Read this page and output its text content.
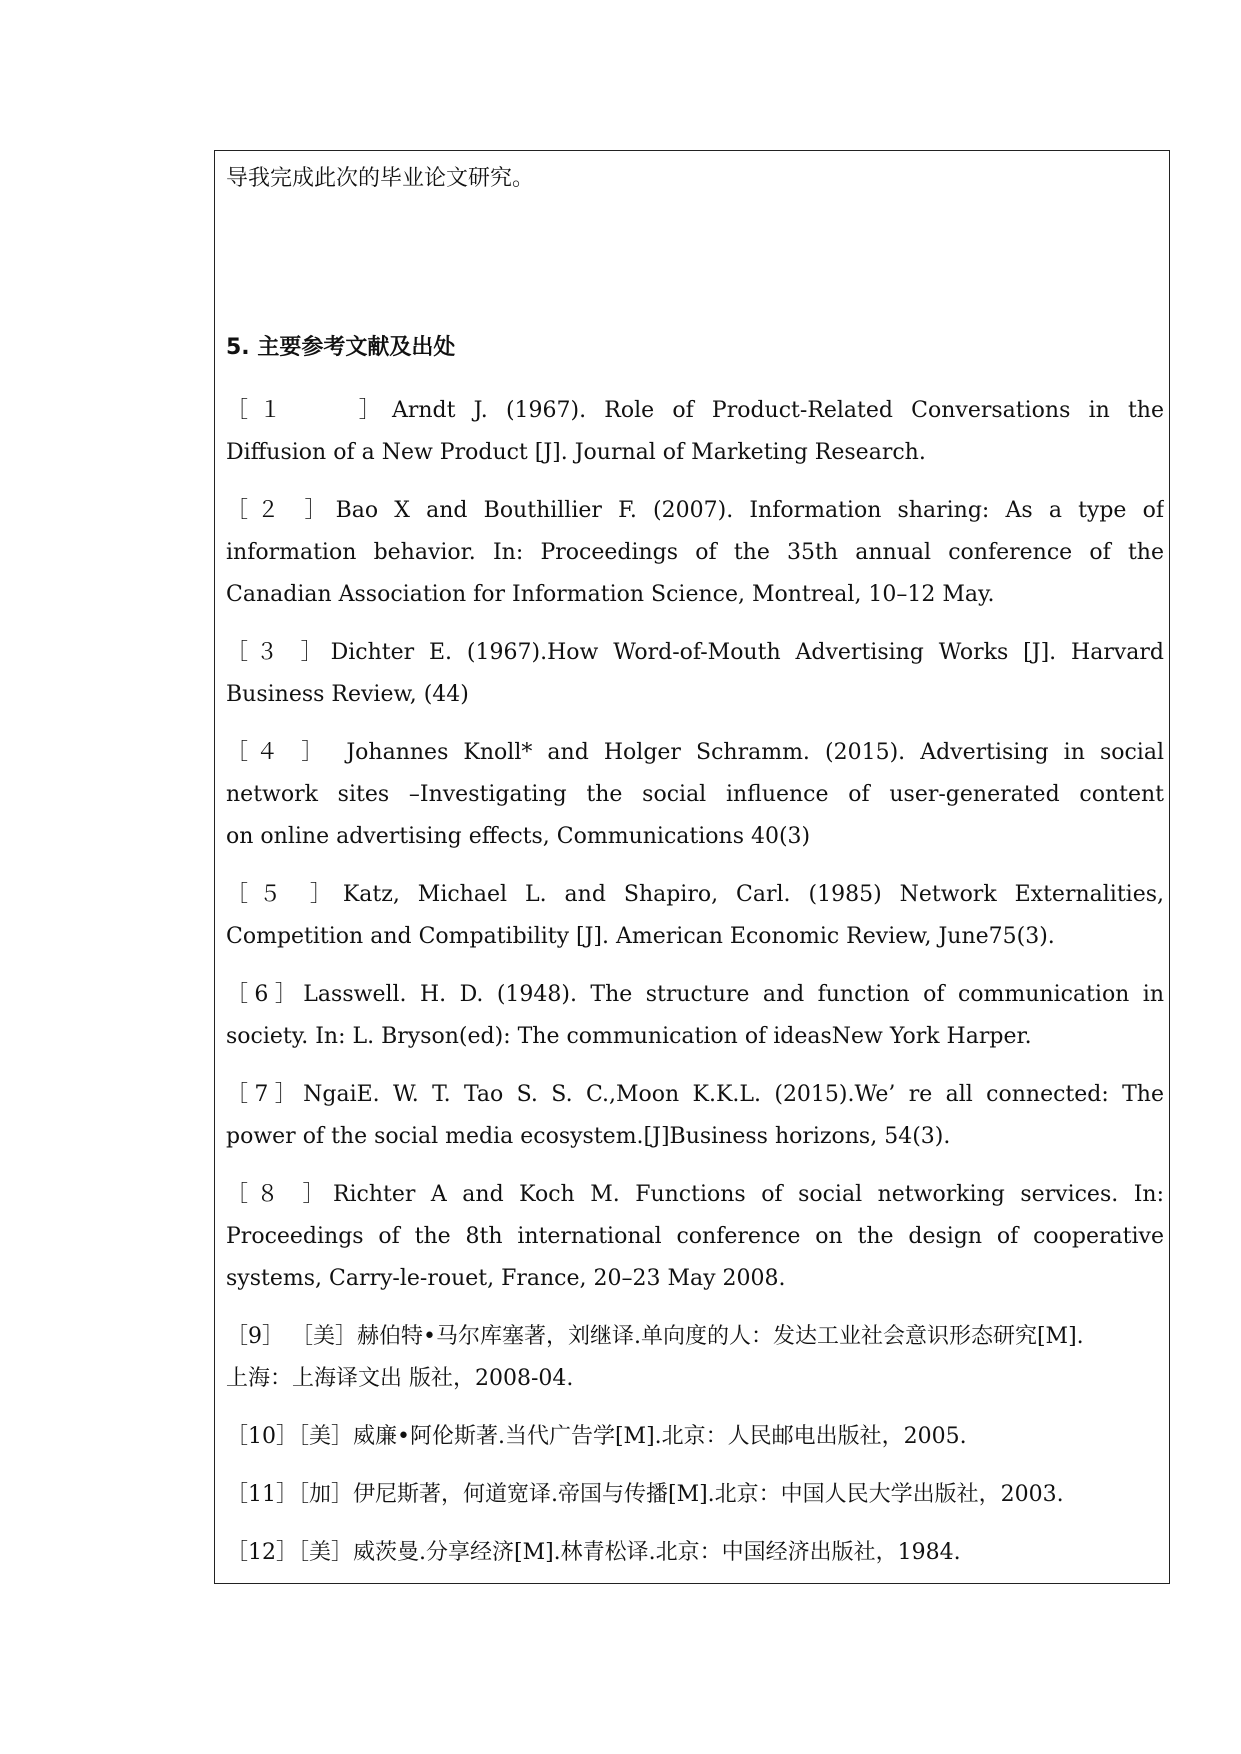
导我完成此次的毕业论文研究。
5. 主要参考文献及出处
［１　　］Arndt J. (1967). Role of Product-Related Conversations in the
Diffusion of a New Product [J]. Journal of Marketing Research.
［２ ］Bao X and Bouthillier F. (2007). Information sharing: As a type of
information behavior. In: Proceedings of the 35th annual conference of the
Canadian Association for Information Science, Montreal, 10–12 May.
［３ ］Dichter E. (1967).How Word-of-Mouth Advertising Works [J]. Harvard
Business Review, (44)
［４ ］ Johannes Knoll* and Holger Schramm. (2015). Advertising in social
network sites –Investigating the social influence of user-generated content
on online advertising effects, Communications 40(3)
［５ ］Katz, Michael L. and Shapiro, Carl. (1985) Network Externalities,
Competition and Compatibility [J]. American Economic Review, June75(3).
［6］Lasswell. H. D. (1948). The structure and function of communication in
society. In: L. Bryson(ed): The communication of ideasNew York Harper.
［7］NgaiE. W. T. Tao S. S. C.,Moon K.K.L. (2015).We’ re all connected: The
power of the social media ecosystem.[J]Business horizons, 54(3).
［８ ］Richter A and Koch M. Functions of social networking services. In:
Proceedings of the 8th international conference on the design of cooperative
systems, Carry-le-rouet, France, 20–23 May 2008.
［9］ ［美］赫伯特•马尔库塞著，刘继译.单向度的人：发达工业社会意识形态研究[M].
上海：上海译文出 版社，2008-04.
［10］［美］威廉•阿伦斯著.当代广告学[M].北京：人民邮电出版社，2005.
［11］［加］伊尼斯著，何道宽译.帝国与传播[M].北京：中国人民大学出版社，2003.
［12］［美］威茨曼.分享经济[M].林青松译.北京：中国经济出版社，1984.
